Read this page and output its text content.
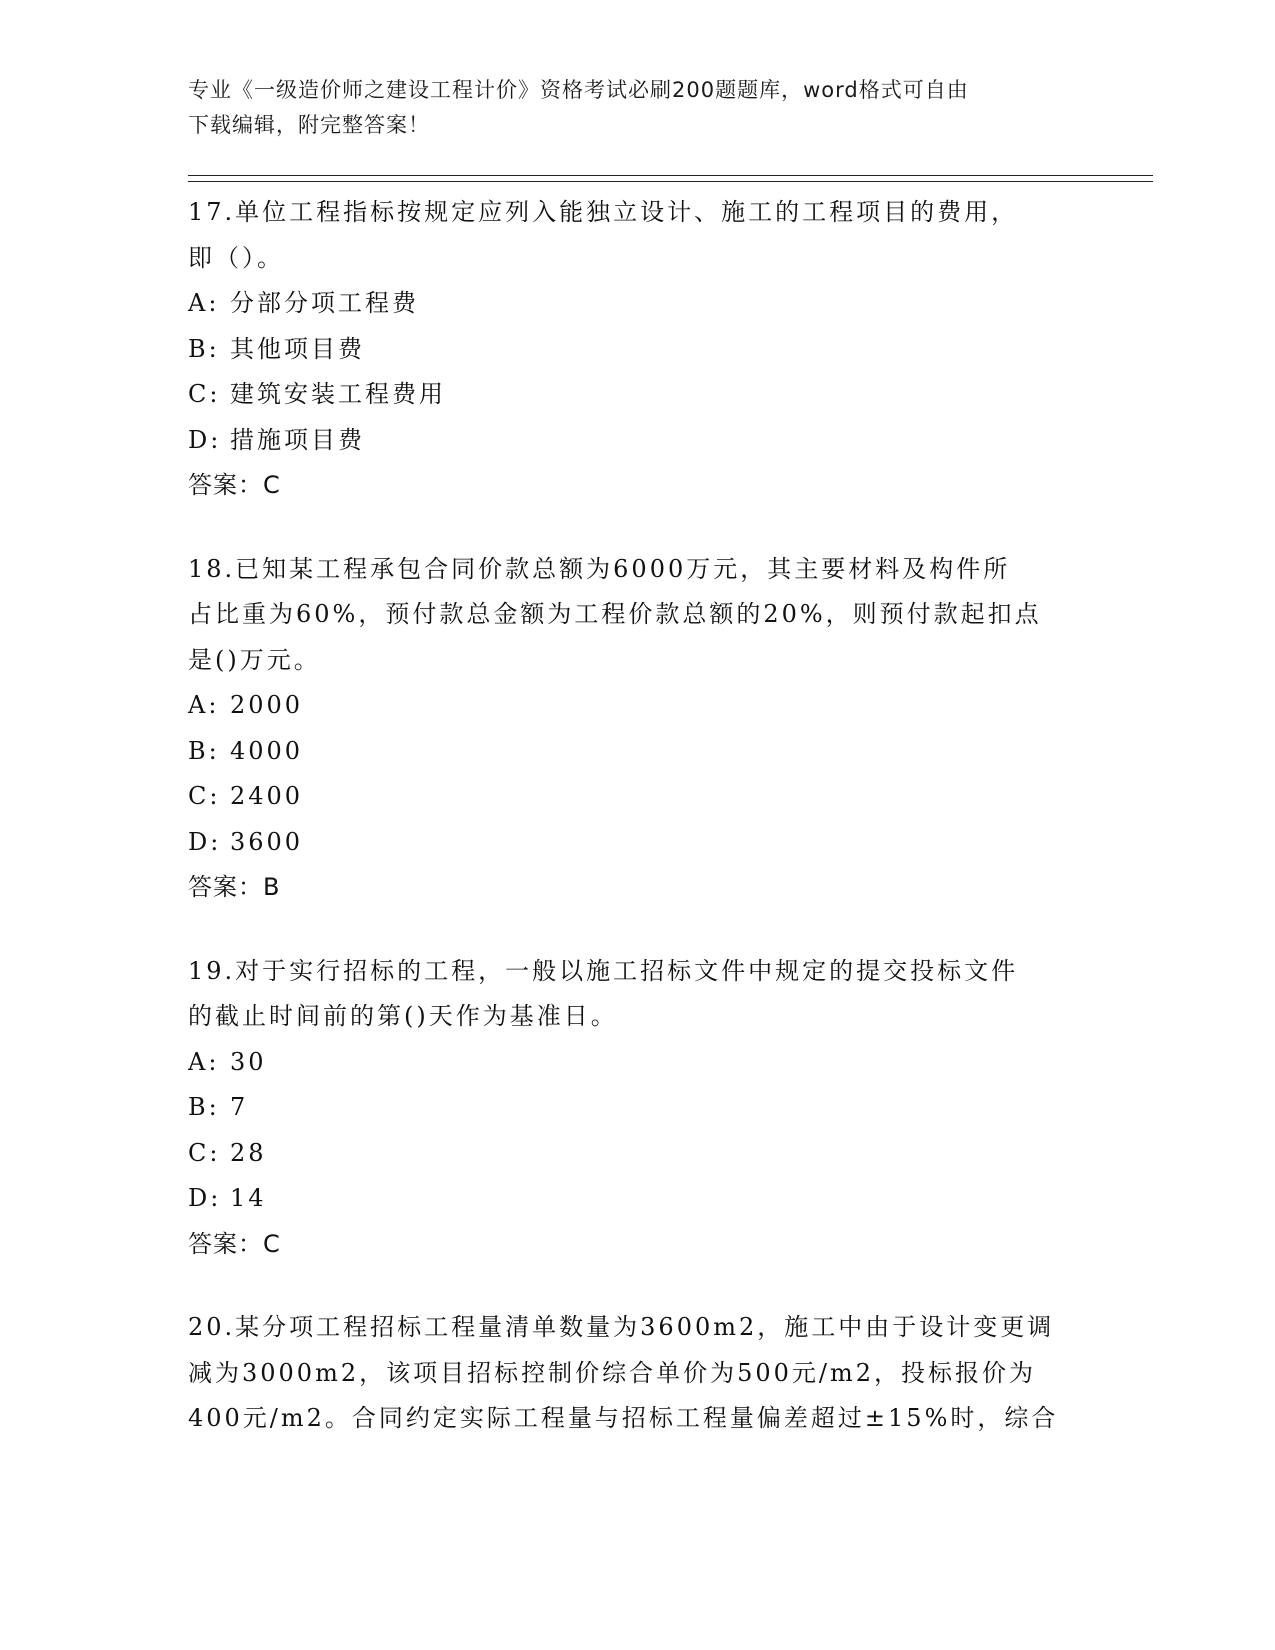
专业《一级造价师之建设工程计价》资格考试必刷200题题库，word格式可自由
下载编辑，附完整答案！
17.单位工程指标按规定应列入能独立设计、施工的工程项目的费用，
即（）。
A: 分部分项工程费
B: 其他项目费
C: 建筑安装工程费用
D: 措施项目费
答案：C
18.已知某工程承包合同价款总额为6000万元，其主要材料及构件所
占比重为60%，预付款总金额为工程价款总额的20%，则预付款起扣点
是()万元。
A: 2000
B: 4000
C: 2400
D: 3600
答案：B
19.对于实行招标的工程，一般以施工招标文件中规定的提交投标文件
的截止时间前的第()天作为基准日。
A: 30
B: 7
C: 28
D: 14
答案：C
20.某分项工程招标工程量清单数量为3600m2，施工中由于设计变更调
减为3000m2，该项目招标控制价综合单价为500元/m2，投标报价为
400元/m2。合同约定实际工程量与招标工程量偏差超过±15%时，综合
